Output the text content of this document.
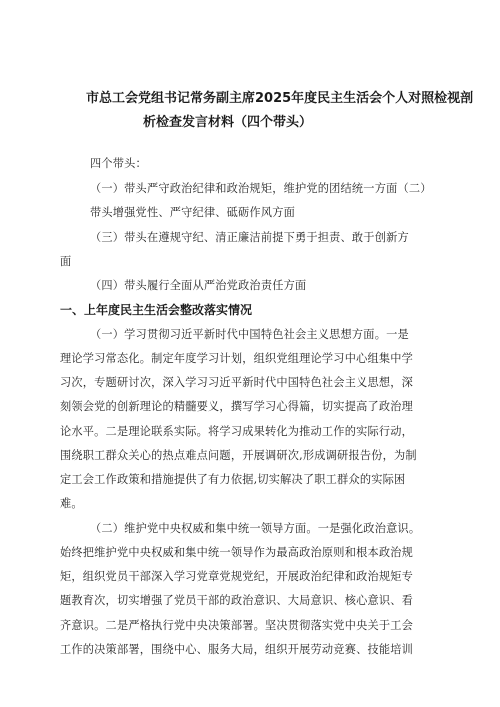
市总工会党组书记常务副主席2025年度民主生活会个人对照检视剖
析检查发言材料（四个带头）
四个带头：
（一）带头严守政治纪律和政治规矩，维护党的团结统一方面（二）
带头增强党性、严守纪律、砥砺作风方面
（三）带头在遵规守纪、清正廉洁前提下勇于担责、敢于创新方
面
（四）带头履行全面从严治党政治责任方面
一、上年度民主生活会整改落实情况
（一）学习贯彻习近平新时代中国特色社会主义思想方面。一是
理论学习常态化。制定年度学习计划，组织党组理论学习中心组集中学
习次，专题研讨次，深入学习习近平新时代中国特色社会主义思想，深
刻领会党的创新理论的精髓要义，撰写学习心得篇，切实提高了政治理
论水平。二是理论联系实际。将学习成果转化为推动工作的实际行动，
围绕职工群众关心的热点难点问题，开展调研次,形成调研报告份，为制
定工会工作政策和措施提供了有力依据,切实解决了职工群众的实际困
难。
（二）维护党中央权威和集中统一领导方面。一是强化政治意识。
始终把维护党中央权威和集中统一领导作为最高政治原则和根本政治规
矩，组织党员干部深入学习党章党规党纪，开展政治纪律和政治规矩专
题教育次，切实增强了党员干部的政治意识、大局意识、核心意识、看
齐意识。二是严格执行党中央决策部署。坚决贯彻落实党中央关于工会
工作的决策部署，围绕中心、服务大局，组织开展劳动竞赛、技能培训
